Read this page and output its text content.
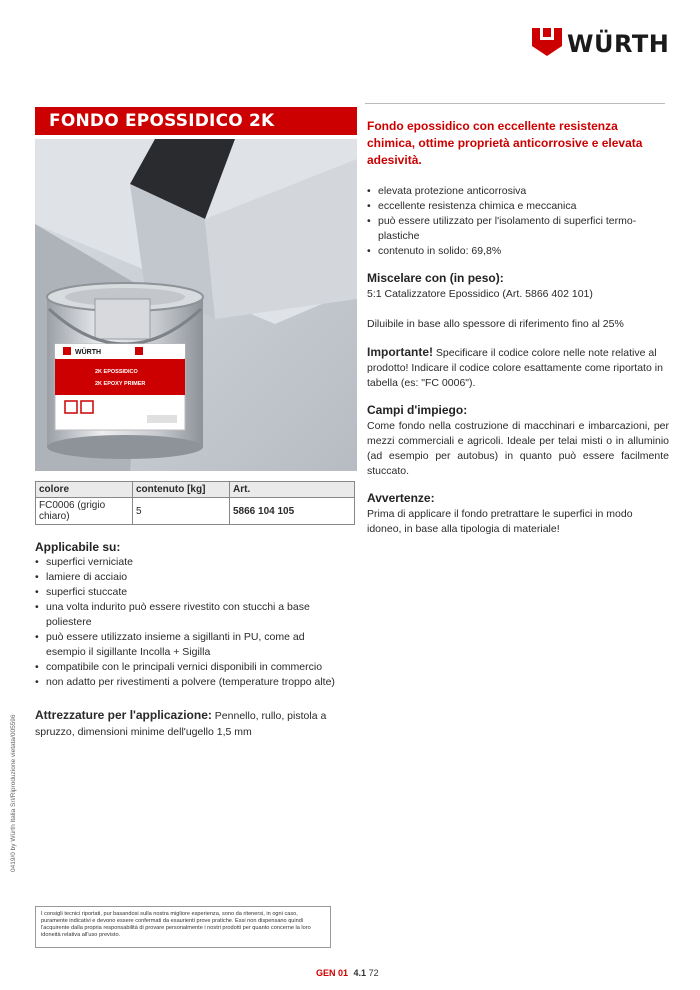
WÜRTH
FONDO EPOSSIDICO 2K
WÜRTH
2K EPOSSIDICO
2K EPOXY PRIMER
colore	contenuto [kg]	Art.
FC0006 (grigio chiaro)	5	5866 104 105
Applicabile su:
• superfici verniciate
• lamiere di acciaio
• superfici stuccate
• una volta indurito può essere rivestito con stucchi a base poliestere
• può essere utilizzato insieme a sigillanti in PU, come ad esempio il sigillante Incolla + Sigilla
• compatibile con le principali vernici disponibili in commercio
• non adatto per rivestimenti a polvere (temperature troppo alte)

Attrezzature per l'applicazione: Pennello, rullo, pistola a spruzzo, dimensioni minime dell'ugello 1,5 mm

Fondo epossidico con eccellente resistenza chimica, ottime proprietà anticorrosive e elevata adesività.

• elevata protezione anticorrosiva
• eccellente resistenza chimica e meccanica
• può essere utilizzato per l'isolamento di superfici termo-plastiche
• contenuto in solido: 69,8%
Miscelare con (in peso):

5:1 Catalizzatore Epossidico (Art. 5866 402 101)

Diluibile in base allo spessore di riferimento fino al 25%

Importante! Specificare il codice colore nelle note relative al prodotto! Indicare il codice colore esattamente come riportato in tabella (es: "FC 0006").

Campi d'impiego:

Come fondo nella costruzione di macchinari e imbarcazioni, per mezzi commerciali e agricoli. Ideale per telai misti o in alluminio (ad esempio per autobus) in quanto può essere facilmente stuccato.

Avvertenze:

Prima di applicare il fondo pretrattare le superfici in modo idoneo, in base alla tipologia di materiale!

0419/0 by Würth Italia Srl/Riproduzione vietata/005596
I consigli tecnici riportati, pur basandosi sulla nostra migliore esperienza, sono da ritenersi, in ogni caso, puramente indicativi e devono essere confermati da esaurienti prove pratiche. Essi non dispensano quindi l'acquirente dalla propria responsabilità di provare personalmente i nostri prodotti per quanto concerne la loro idoneità relativa all'uso previsto.
GEN 01 4.1 72
